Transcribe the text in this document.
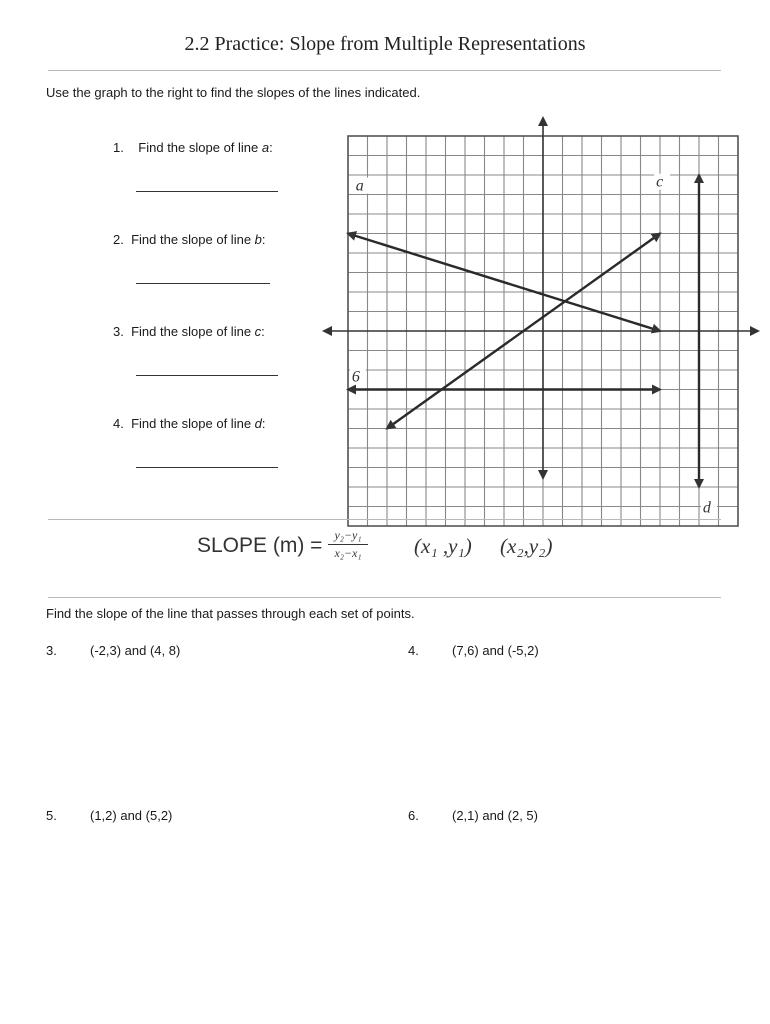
2.2 Practice: Slope from Multiple Representations
Use the graph to the right to find the slopes of the lines indicated.
1. Find the slope of line a:
2. Find the slope of line b:
3. Find the slope of line c:
4. Find the slope of line d:
a	c
6
d
SLOPE (m) =	y₂−y₁
x₂−x₁	(x₁ ,y₁) (x₂,y₂)
Find the slope of the line that passes through each set of points.
3.	(-2,3) and (4, 8)	4.	(7,6) and (-5,2)
5.	(1,2) and (5,2)	6.	(2,1) and (2, 5)
